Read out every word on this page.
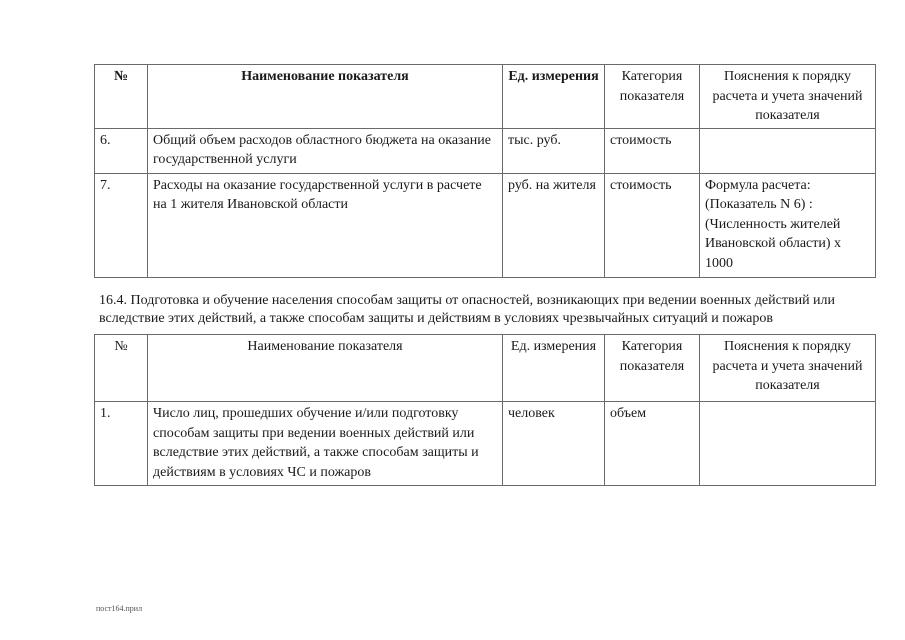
№	Наименование показателя	Ед. измерения	Категория показателя	Пояснения к порядку расчета и учета значений показателя
6.	Общий объем расходов областного бюджета на оказание государственной услуги	тыс. руб.	стоимость	
7.	Расходы на оказание государственной услуги в расчете на 1 жителя Ивановской области	руб. на жителя	стоимость	Формула расчета: (Показатель N 6) : (Численность жителей Ивановской области) x 1000

16.4. Подготовка и обучение населения способам защиты от опасностей, возникающих при ведении военных действий или вследствие этих действий, а также способам защиты и действиям в условиях чрезвычайных ситуаций и пожаров

№	Наименование показателя	Ед. измерения	Категория показателя	Пояснения к порядку расчета и учета значений показателя
1.	Число лиц, прошедших обучение и/или подготовку способам защиты при ведении военных действий или вследствие этих действий, а также способам защиты и действиям в условиях ЧС и пожаров	человек	объем	

пост164.прил
